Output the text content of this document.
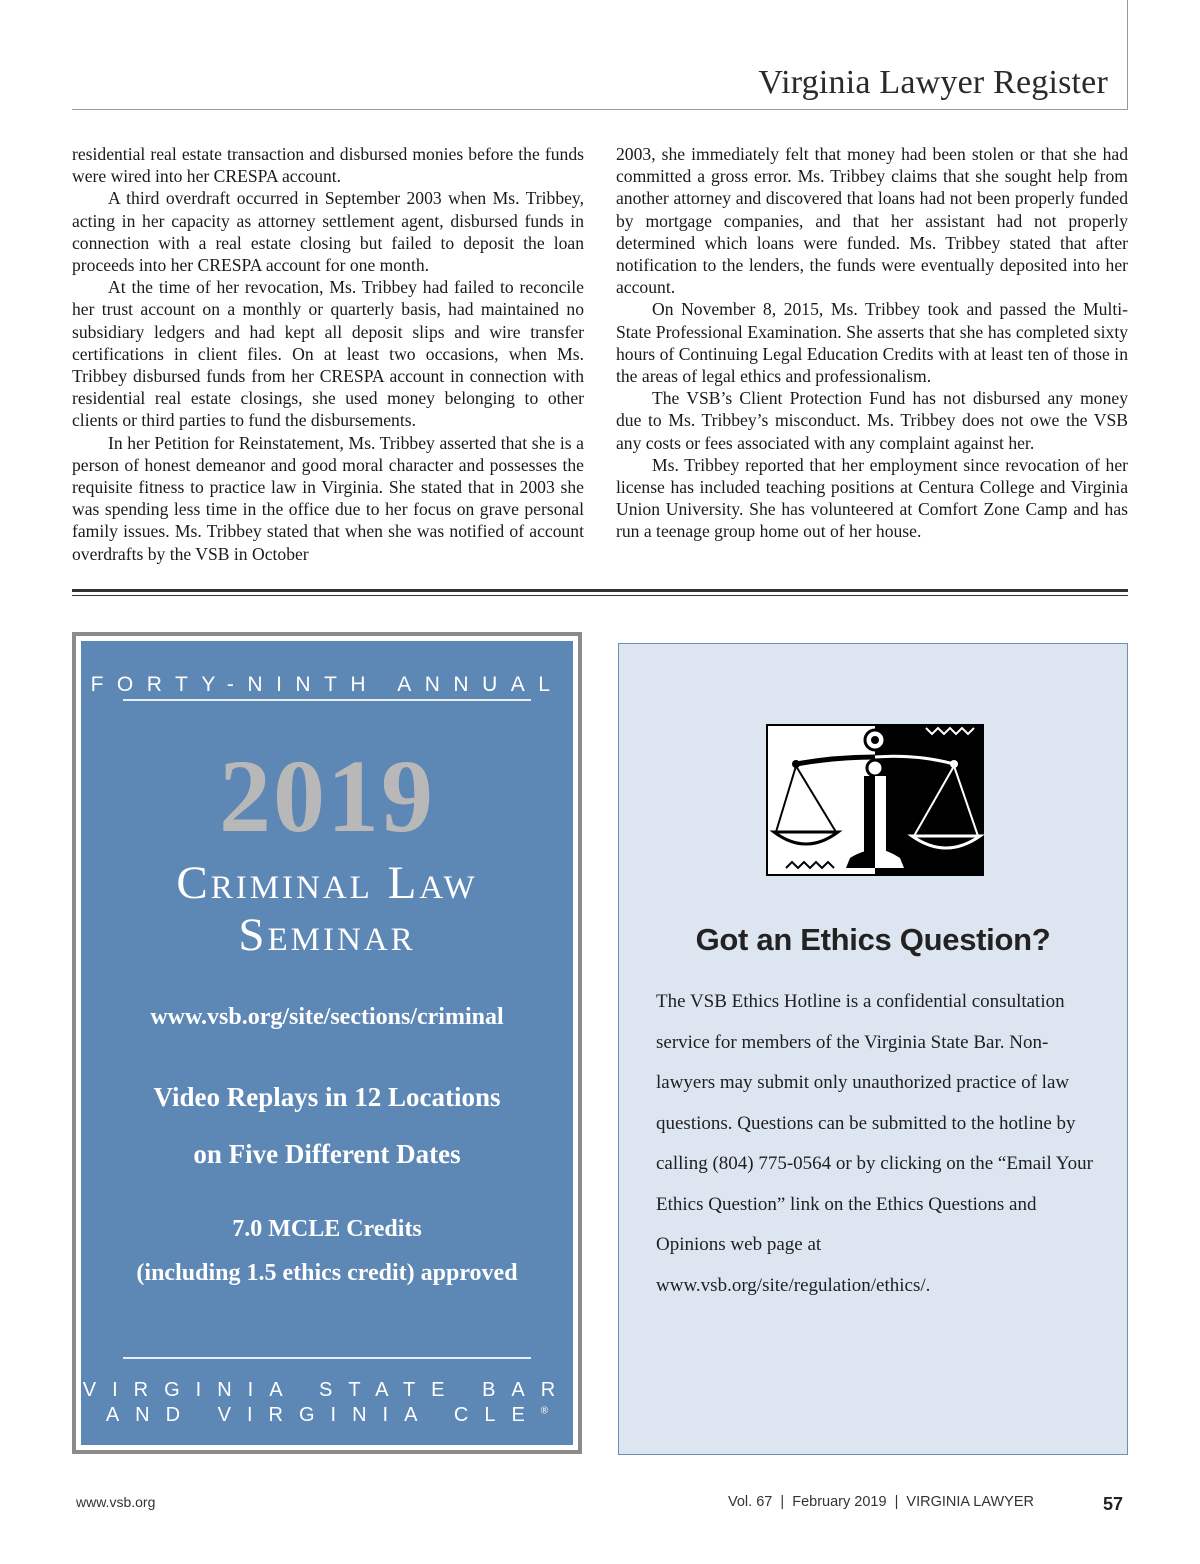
Virginia Lawyer Register

residential real estate transaction and disbursed monies before the funds were wired into her CRESPA account.

A third overdraft occurred in September 2003 when Ms. Tribbey, acting in her capacity as attorney settlement agent, disbursed funds in connection with a real estate closing but failed to deposit the loan proceeds into her CRESPA account for one month.

At the time of her revocation, Ms. Tribbey had failed to reconcile her trust account on a monthly or quarterly basis, had maintained no subsidiary ledgers and had kept all deposit slips and wire transfer certifications in client files. On at least two occasions, when Ms. Tribbey disbursed funds from her CRESPA account in connection with residential real estate closings, she used money belonging to other clients or third parties to fund the disbursements.

In her Petition for Reinstatement, Ms. Tribbey asserted that she is a person of honest demeanor and good moral character and possesses the requisite fitness to practice law in Virginia. She stated that in 2003 she was spending less time in the office due to her focus on grave personal family issues. Ms. Tribbey stated that when she was notified of account overdrafts by the VSB in October

2003, she immediately felt that money had been stolen or that she had committed a gross error. Ms. Tribbey claims that she sought help from another attorney and discovered that loans had not been properly funded by mortgage companies, and that her assistant had not properly determined which loans were funded. Ms. Tribbey stated that after notification to the lenders, the funds were eventually deposited into her account.

On November 8, 2015, Ms. Tribbey took and passed the Multi-State Professional Examination. She asserts that she has completed sixty hours of Continuing Legal Education Credits with at least ten of those in the areas of legal ethics and professionalism.

The VSB’s Client Protection Fund has not disbursed any money due to Ms. Tribbey’s misconduct. Ms. Tribbey does not owe the VSB any costs or fees associated with any complaint against her.

Ms. Tribbey reported that her employment since revocation of her license has included teaching positions at Centura College and Virginia Union University. She has volunteered at Comfort Zone Camp and has run a teenage group home out of her house.

FORTY-NINTH ANNUAL
2019
Criminal Law
Seminar
www.vsb.org/site/sections/criminal
Video Replays in 12 Locations
on Five Different Dates
7.0 MCLE Credits
(including 1.5 ethics credit) approved
VIRGINIA STATE BAR
AND VIRGINIA CLE®
Got an Ethics Question?
The VSB Ethics Hotline is a confidential consultation service for members of the Virginia State Bar. Non-lawyers may submit only unauthorized practice of law questions. Questions can be submitted to the hotline by calling (804) 775-0564 or by clicking on the “Email Your Ethics Question” link on the Ethics Questions and Opinions web page at www.vsb.org/site/regulation/ethics/.
www.vsb.org	Vol. 67  |  February 2019  |  VIRGINIA LAWYER	57
